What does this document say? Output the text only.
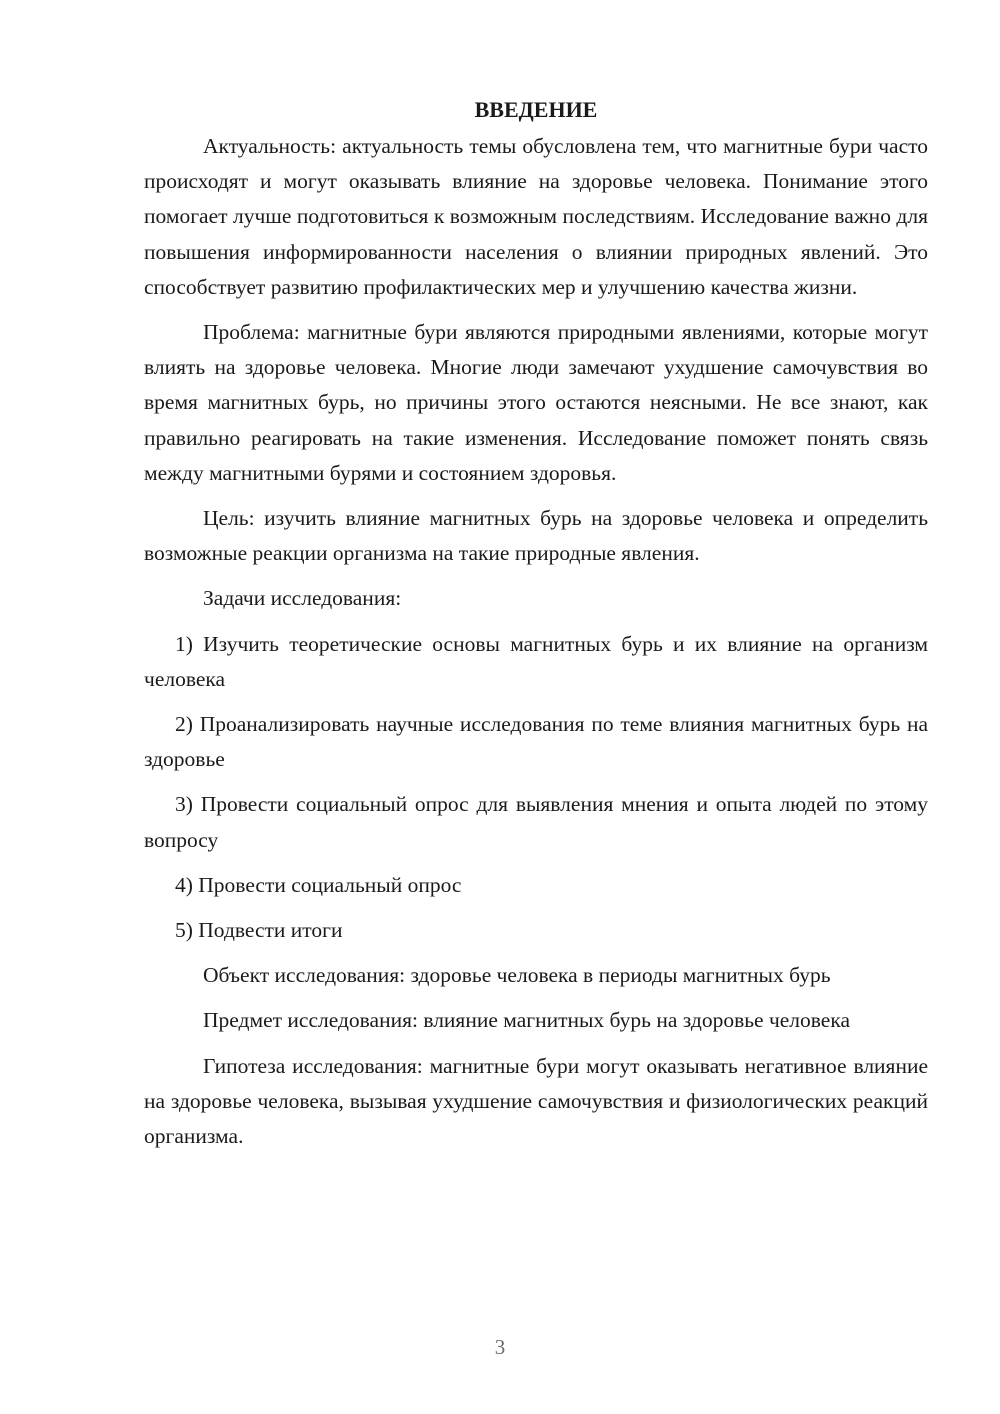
ВВЕДЕНИЕ

Актуальность: актуальность темы обусловлена тем, что магнитные бури часто происходят и могут оказывать влияние на здоровье человека. Понимание этого помогает лучше подготовиться к возможным последствиям. Исследование важно для повышения информированности населения о влиянии природных явлений. Это способствует развитию профилактических мер и улучшению качества жизни.

Проблема: магнитные бури являются природными явлениями, которые могут влиять на здоровье человека. Многие люди замечают ухудшение самочувствия во время магнитных бурь, но причины этого остаются неясными. Не все знают, как правильно реагировать на такие изменения. Исследование поможет понять связь между магнитными бурями и состоянием здоровья.

Цель: изучить влияние магнитных бурь на здоровье человека и определить возможные реакции организма на такие природные явления.

Задачи исследования:

1) Изучить теоретические основы магнитных бурь и их влияние на организм человека

2) Проанализировать научные исследования по теме влияния магнитных бурь на здоровье

3) Провести социальный опрос для выявления мнения и опыта людей по этому вопросу

4) Провести социальный опрос

5) Подвести итоги

Объект исследования: здоровье человека в периоды магнитных бурь

Предмет исследования: влияние магнитных бурь на здоровье человека

Гипотеза исследования: магнитные бури могут оказывать негативное влияние на здоровье человека, вызывая ухудшение самочувствия и физиологических реакций организма.

3
